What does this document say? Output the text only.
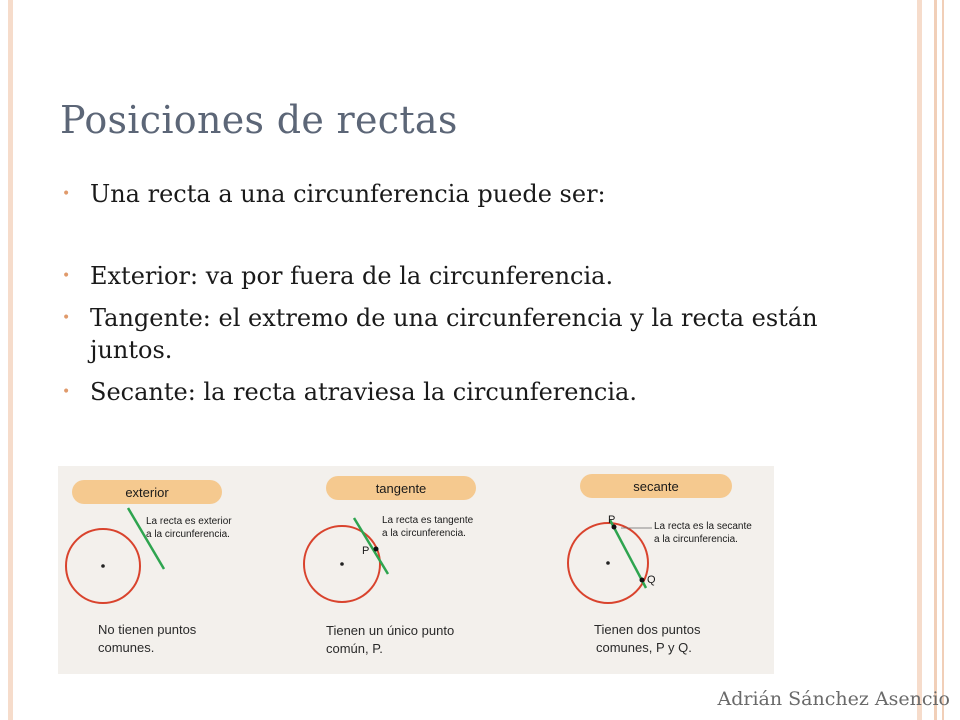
Posiciones de rectas
• Una recta a una circunferencia puede ser:
• Exterior: va por fuera de la circunferencia.
• Tangente: el extremo de una circunferencia y la recta están juntos.
• Secante: la recta atraviesa la circunferencia.
exterior
La recta es exterior
a la circunferencia.
No tienen puntos
comunes.
tangente
P
La recta es tangente
a la circunferencia.
Tienen un único punto
común, P.
secante
P
Q
La recta es la secante
a la circunferencia.
Tienen dos puntos
comunes, P y Q.
Adrián Sánchez Asencio
